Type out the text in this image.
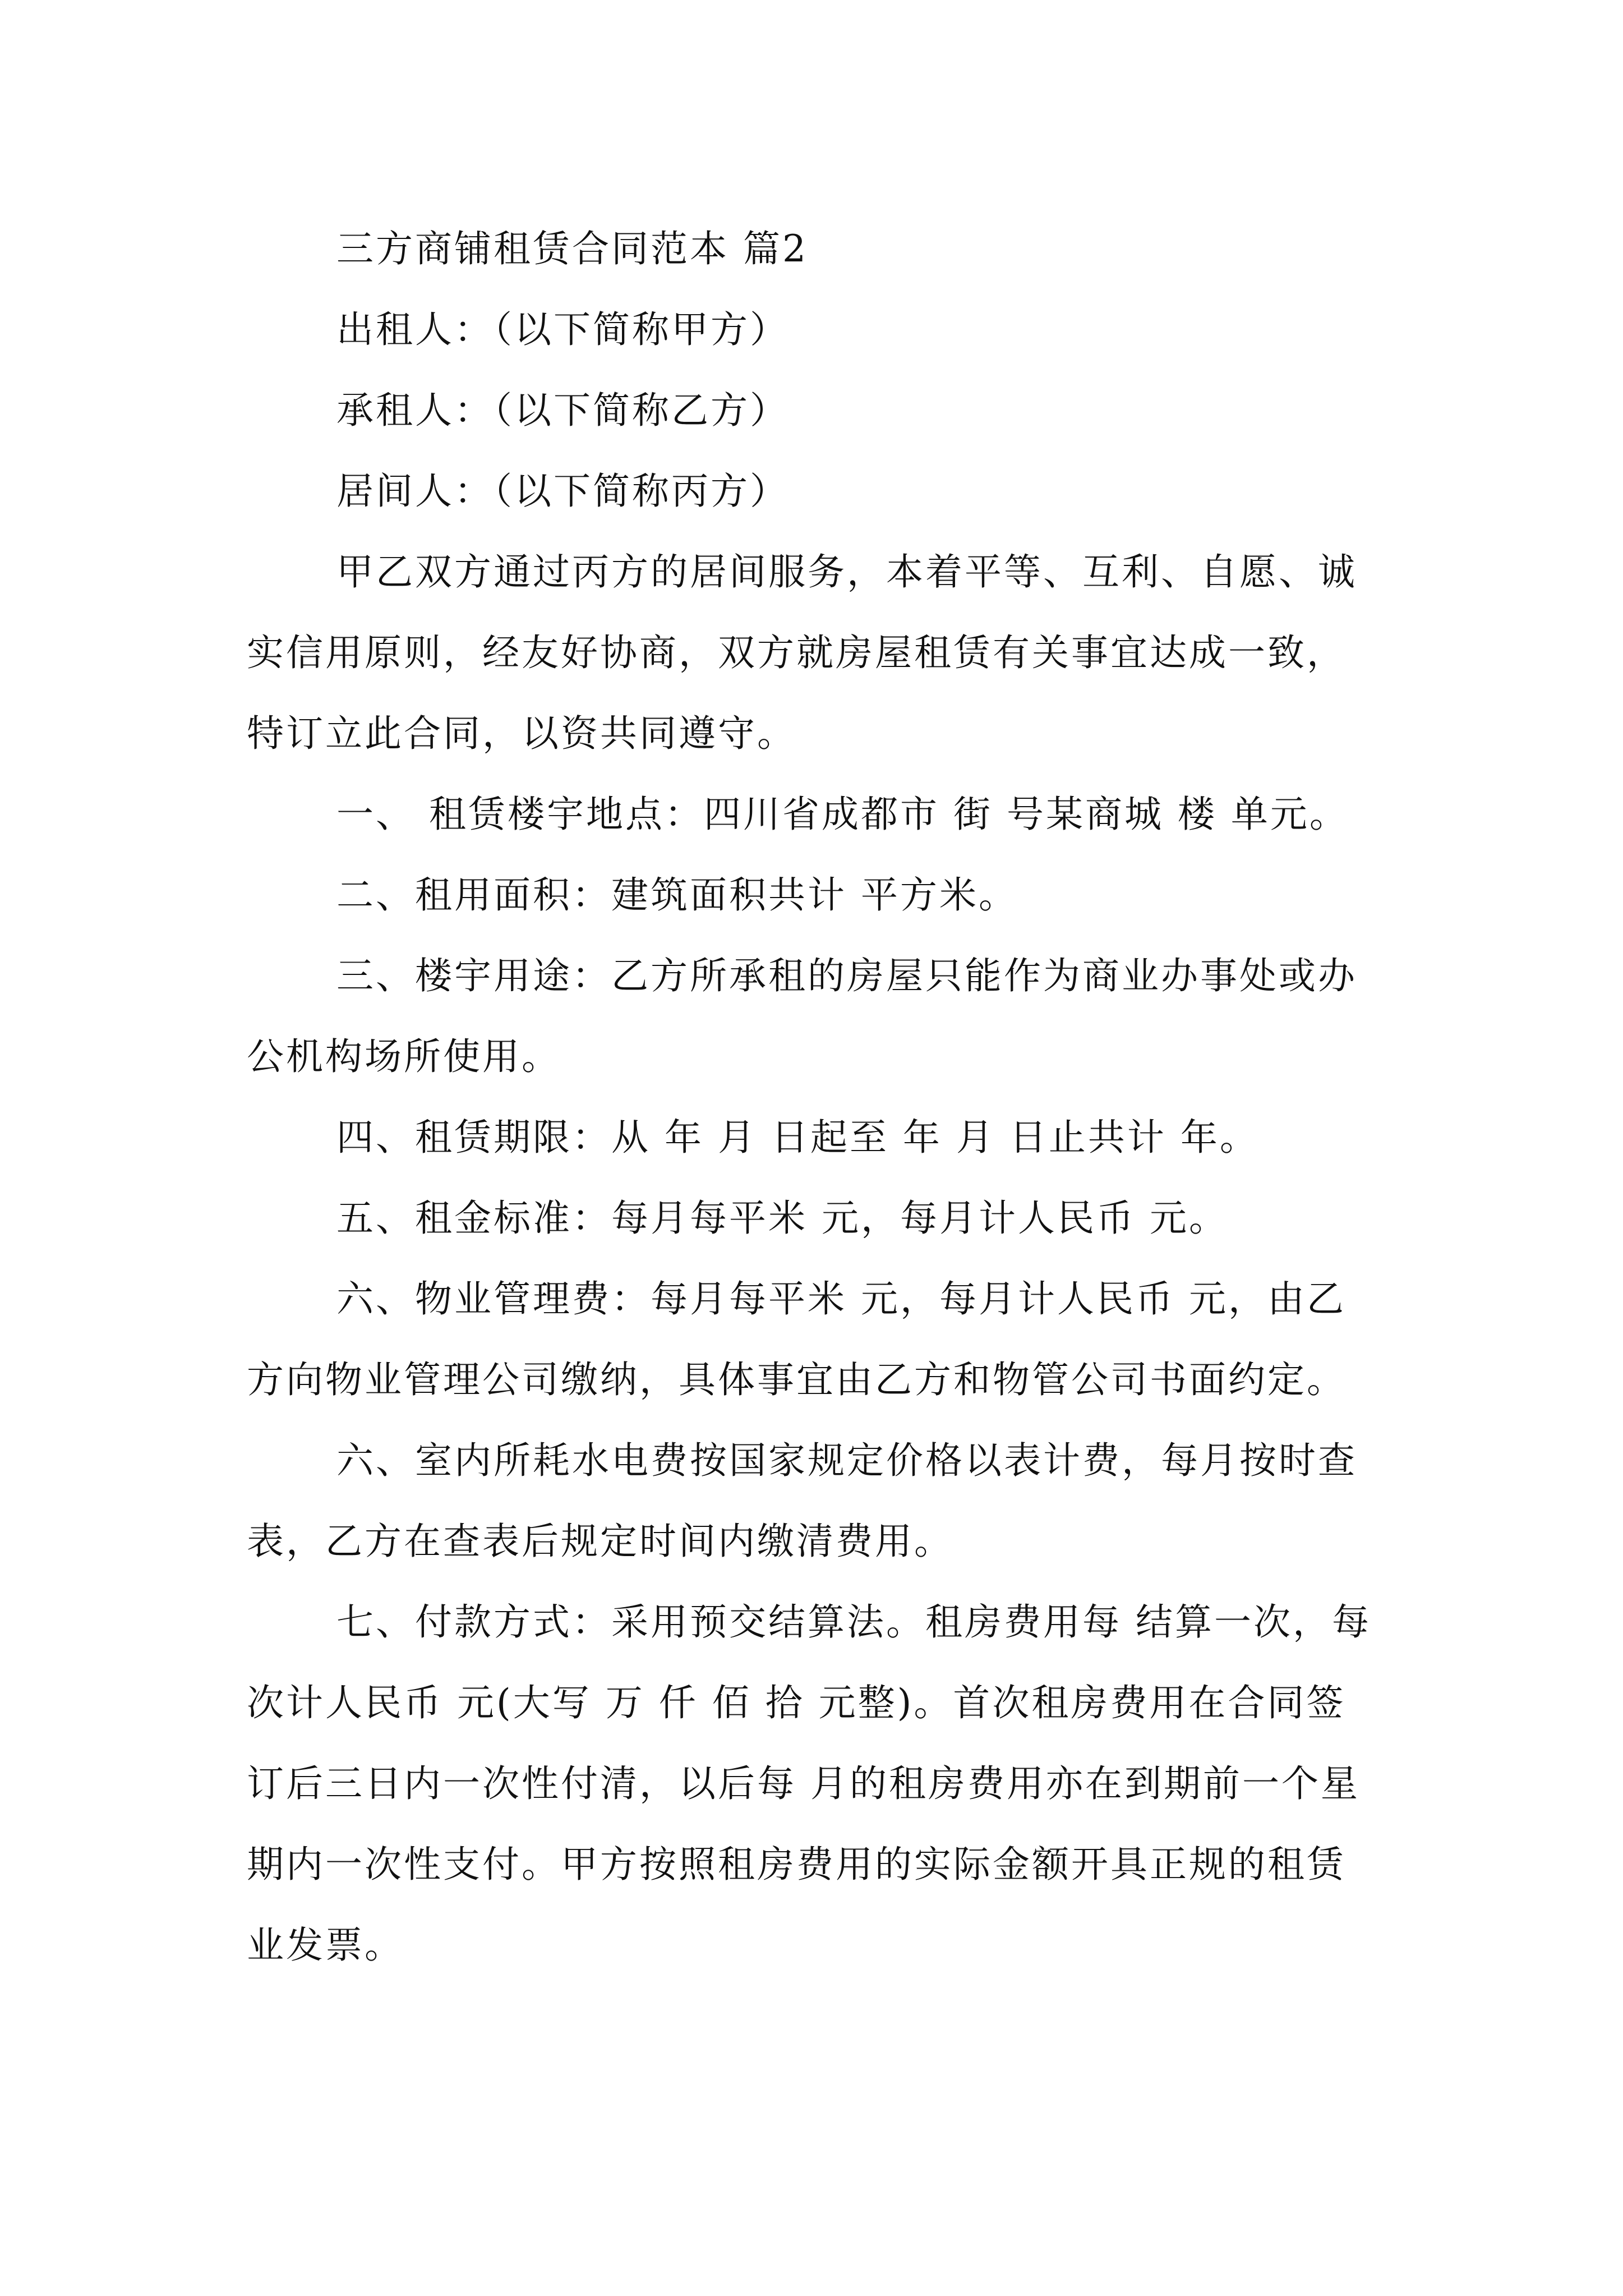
三方商铺租赁合同范本 篇2

出租人：（以下简称甲方）

承租人：（以下简称乙方）

居间人：（以下简称丙方）

甲乙双方通过丙方的居间服务，本着平等、互利、自愿、诚实信用原则，经友好协商，双方就房屋租赁有关事宜达成一致，特订立此合同，以资共同遵守。

一、 租赁楼宇地点：四川省成都市 街 号某商城 楼 单元。

二、租用面积：建筑面积共计 平方米。

三、楼宇用途：乙方所承租的房屋只能作为商业办事处或办公机构场所使用。

四、租赁期限：从 年 月 日起至 年 月 日止共计 年。

五、租金标准：每月每平米 元，每月计人民币 元。

六、物业管理费：每月每平米 元，每月计人民币 元，由乙方向物业管理公司缴纳，具体事宜由乙方和物管公司书面约定。

六、室内所耗水电费按国家规定价格以表计费，每月按时查表，乙方在查表后规定时间内缴清费用。

七、付款方式：采用预交结算法。租房费用每 结算一次，每次计人民币 元(大写 万 仟 佰 拾 元整)。首次租房费用在合同签订后三日内一次性付清，以后每 月的租房费用亦在到期前一个星期内一次性支付。甲方按照租房费用的实际金额开具正规的租赁业发票。
